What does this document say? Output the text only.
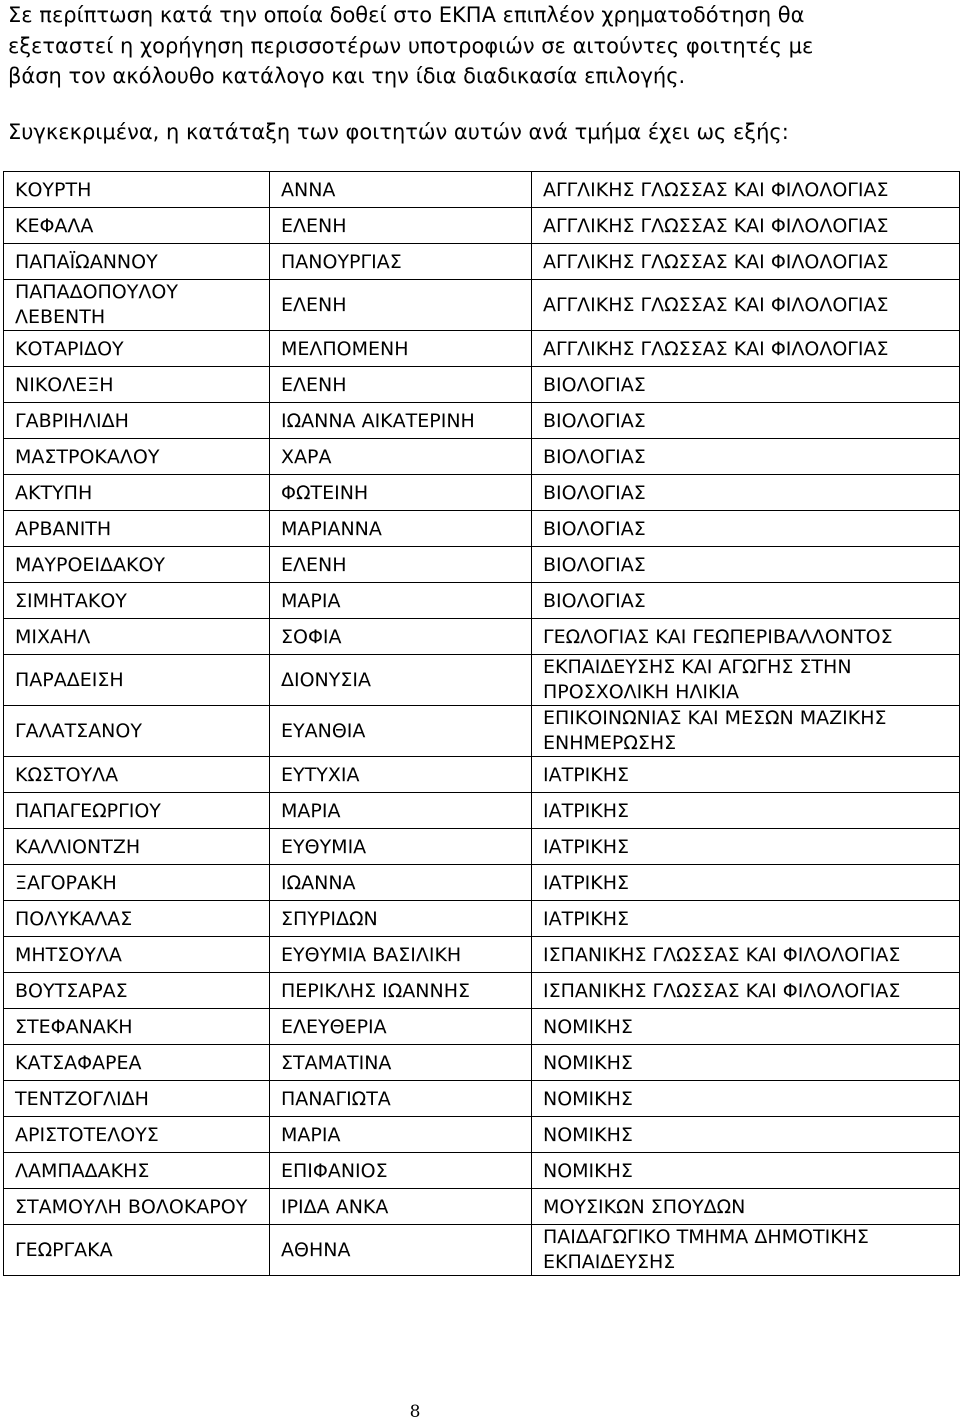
Σε περίπτωση κατά την οποία δοθεί στο ΕΚΠΑ επιπλέον χρηματοδότηση θα
εξεταστεί η χορήγηση περισσοτέρων υποτροφιών σε αιτούντες φοιτητές με
βάση τον ακόλουθο κατάλογο και την ίδια διαδικασία επιλογής.

Συγκεκριμένα, η κατάταξη των φοιτητών αυτών ανά τμήμα έχει ως εξής:

ΚΟΥΡΤΗ	ΑΝΝΑ	ΑΓΓΛΙΚΗΣ ΓΛΩΣΣΑΣ ΚΑΙ ΦΙΛΟΛΟΓΙΑΣ
ΚΕΦΑΛΑ	ΕΛΕΝΗ	ΑΓΓΛΙΚΗΣ ΓΛΩΣΣΑΣ ΚΑΙ ΦΙΛΟΛΟΓΙΑΣ
ΠΑΠΑΪΩΑΝΝΟΥ	ΠΑΝΟΥΡΓΙΑΣ	ΑΓΓΛΙΚΗΣ ΓΛΩΣΣΑΣ ΚΑΙ ΦΙΛΟΛΟΓΙΑΣ
ΠΑΠΑΔΟΠΟΥΛΟΥ ΛΕΒΕΝΤΗ	ΕΛΕΝΗ	ΑΓΓΛΙΚΗΣ ΓΛΩΣΣΑΣ ΚΑΙ ΦΙΛΟΛΟΓΙΑΣ
ΚΟΤΑΡΙΔΟΥ	ΜΕΛΠΟΜΕΝΗ	ΑΓΓΛΙΚΗΣ ΓΛΩΣΣΑΣ ΚΑΙ ΦΙΛΟΛΟΓΙΑΣ
ΝΙΚΟΛΕΞΗ	ΕΛΕΝΗ	ΒΙΟΛΟΓΙΑΣ
ΓΑΒΡΙΗΛΙΔΗ	ΙΩΑΝΝΑ ΑΙΚΑΤΕΡΙΝΗ	ΒΙΟΛΟΓΙΑΣ
ΜΑΣΤΡΟΚΑΛΟΥ	ΧΑΡΑ	ΒΙΟΛΟΓΙΑΣ
ΑΚΤΥΠΗ	ΦΩΤΕΙΝΗ	ΒΙΟΛΟΓΙΑΣ
ΑΡΒΑΝΙΤΗ	ΜΑΡΙΑΝΝΑ	ΒΙΟΛΟΓΙΑΣ
ΜΑΥΡΟΕΙΔΑΚΟΥ	ΕΛΕΝΗ	ΒΙΟΛΟΓΙΑΣ
ΣΙΜΗΤΑΚΟΥ	ΜΑΡΙΑ	ΒΙΟΛΟΓΙΑΣ
ΜΙΧΑΗΛ	ΣΟΦΙΑ	ΓΕΩΛΟΓΙΑΣ ΚΑΙ ΓΕΩΠΕΡΙΒΑΛΛΟΝΤΟΣ
ΠΑΡΑΔΕΙΣΗ	ΔΙΟΝΥΣΙΑ	ΕΚΠΑΙΔΕΥΣΗΣ ΚΑΙ ΑΓΩΓΗΣ ΣΤΗΝ ΠΡΟΣΧΟΛΙΚΗ ΗΛΙΚΙΑ
ΓΑΛΑΤΣΑΝΟΥ	ΕΥΑΝΘΙΑ	ΕΠΙΚΟΙΝΩΝΙΑΣ ΚΑΙ ΜΕΣΩΝ ΜΑΖΙΚΗΣ ΕΝΗΜΕΡΩΣΗΣ
ΚΩΣΤΟΥΛΑ	ΕΥΤΥΧΙΑ	ΙΑΤΡΙΚΗΣ
ΠΑΠΑΓΕΩΡΓΙΟΥ	ΜΑΡΙΑ	ΙΑΤΡΙΚΗΣ
ΚΑΛΛΙΟΝΤΖΗ	ΕΥΘΥΜΙΑ	ΙΑΤΡΙΚΗΣ
ΞΑΓΟΡΑΚΗ	ΙΩΑΝΝΑ	ΙΑΤΡΙΚΗΣ
ΠΟΛΥΚΑΛΑΣ	ΣΠΥΡΙΔΩΝ	ΙΑΤΡΙΚΗΣ
ΜΗΤΣΟΥΛΑ	ΕΥΘΥΜΙΑ ΒΑΣΙΛΙΚΗ	ΙΣΠΑΝΙΚΗΣ ΓΛΩΣΣΑΣ ΚΑΙ ΦΙΛΟΛΟΓΙΑΣ
ΒΟΥΤΣΑΡΑΣ	ΠΕΡΙΚΛΗΣ ΙΩΑΝΝΗΣ	ΙΣΠΑΝΙΚΗΣ ΓΛΩΣΣΑΣ ΚΑΙ ΦΙΛΟΛΟΓΙΑΣ
ΣΤΕΦΑΝΑΚΗ	ΕΛΕΥΘΕΡΙΑ	ΝΟΜΙΚΗΣ
ΚΑΤΣΑΦΑΡΕΑ	ΣΤΑΜΑΤΙΝΑ	ΝΟΜΙΚΗΣ
ΤΕΝΤΖΟΓΛΙΔΗ	ΠΑΝΑΓΙΩΤΑ	ΝΟΜΙΚΗΣ
ΑΡΙΣΤΟΤΕΛΟΥΣ	ΜΑΡΙΑ	ΝΟΜΙΚΗΣ
ΛΑΜΠΑΔΑΚΗΣ	ΕΠΙΦΑΝΙΟΣ	ΝΟΜΙΚΗΣ
ΣΤΑΜΟΥΛΗ ΒΟΛΟΚΑΡΟΥ	ΙΡΙΔΑ ΑΝΚΑ	ΜΟΥΣΙΚΩΝ ΣΠΟΥΔΩΝ
ΓΕΩΡΓΑΚΑ	ΑΘΗΝΑ	ΠΑΙΔΑΓΩΓΙΚΟ ΤΜΗΜΑ ΔΗΜΟΤΙΚΗΣ ΕΚΠΑΙΔΕΥΣΗΣ
8
